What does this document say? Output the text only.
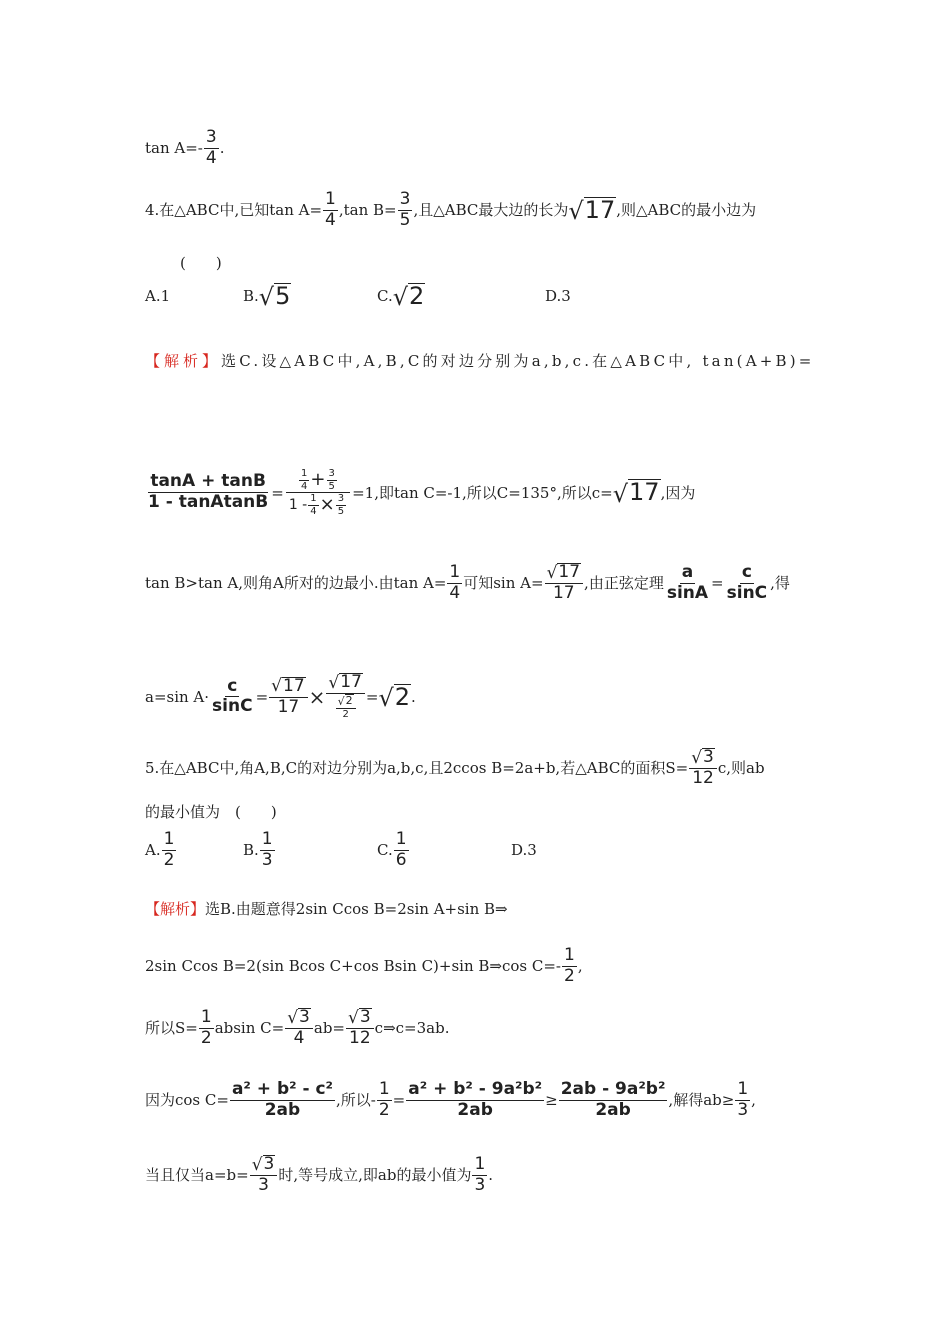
$\tan A=- \frac{3}{4}$ .
4.在△ABC中,已知$\tan A= \frac{1}{4} ,\tan$ $B= \frac{3}{5}$ ,且△ABC最大边的长为 √ 17 ,则△ABC的最小边为
(　　)
A.1	B. √ 5	C. √ 2	D.3
【解析】 选C.设△ABC中,A,B,C的对边分别为a,b,c.在△ABC中, tan(A+B)=
$\frac{\tan A + \tan B}{\text{1 - tanAtanB}} = \frac{\frac{1}{4} + \frac{3}{5}}{1 - \frac{1}{4} \times \frac{3}{5}} =1$,即tan C=-1,所以C=135°,所以c= √ 17 ,因为
tan B>tan A,则角A所对的边最小.由$\tan A= \frac{1}{4}$ 可知$\sin A= \frac{√ 17}{17}$ ,由正弦定理 $\frac{a}{\sin A} = \frac{c}{\sin C}$ ,得
a=sin $A\cdot \frac{c}{\sin C} = \frac{√ 17}{17} \times \frac{√ 17}{\frac{√ 2}{2}}$ = √ 2 .
5.在△ABC中,角A,B,C的对边分别为a,b,c,且2ccos B=2a+b,若△ABC的面积$S= \frac{√ 3}{12} c$,则ab
的最小值为　(　　)
A. $\frac{1}{2}$	B. $\frac{1}{3}$	C. $\frac{1}{6}$	D.3
【解析】 选B.由题意得2sin Ccos B=2sin A+sin B⇒
2sin Ccos B=2(sin Bcos C+cos Bsin C)+sin B⇒cos $C=- \frac{1}{2}$ ,
所以$S= \frac{1}{2}$ absin $C= \frac{√ 3}{4} ab= \frac{√ 3}{12}$ c⇒c=3ab.
因为$\cos C= \frac{\text{a² + b² - c²}}{2ab}$ ,所以- $\frac{1}{2} = \frac{\text{a² + b² - 9a²b²}}{2ab} \ge \frac{\text{2ab - 9a²b²}}{2ab}$ ,解得$ab\ge \frac{1}{3}$ ,
当且仅当$a=b= \frac{√ 3}{3}$ 时,等号成立,即ab的最小值为 $\frac{1}{3}$ .
